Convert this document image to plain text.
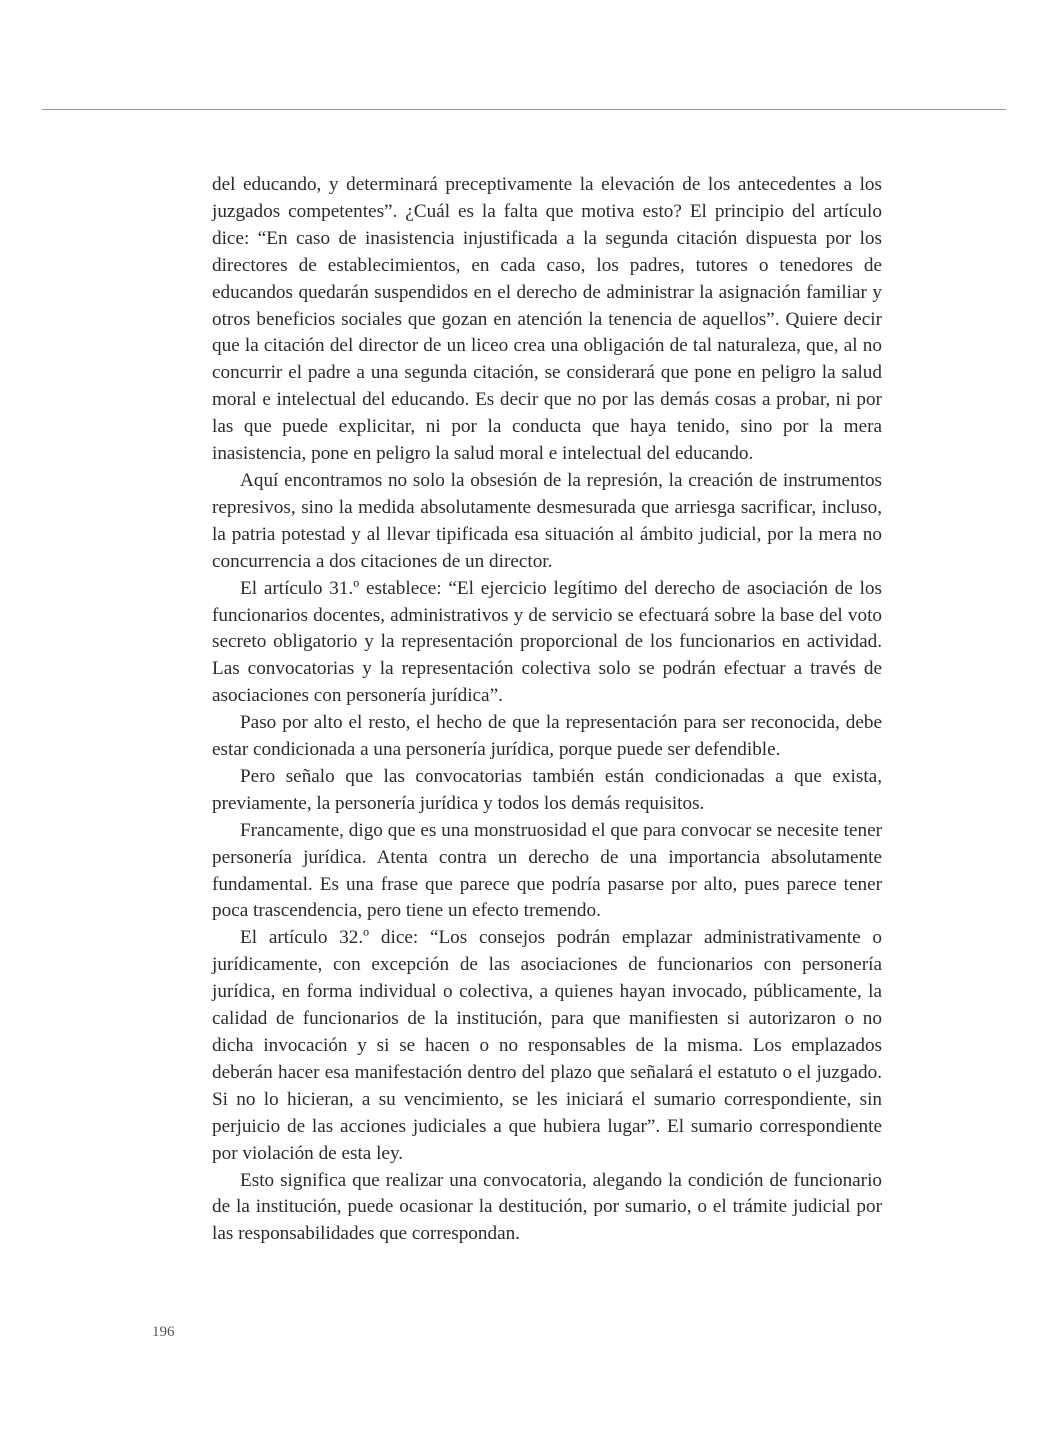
del educando, y determinará preceptivamente la elevación de los antecedentes a los juzgados competentes”. ¿Cuál es la falta que motiva esto? El principio del artículo dice: “En caso de inasistencia injustificada a la segunda citación dispuesta por los directores de establecimientos, en cada caso, los padres, tutores o tenedores de educandos quedarán suspendidos en el derecho de administrar la asignación familiar y otros beneficios sociales que gozan en atención la tenencia de aquellos”. Quiere decir que la citación del director de un liceo crea una obligación de tal naturaleza, que, al no concurrir el padre a una segunda citación, se considerará que pone en peligro la salud moral e intelectual del educando. Es decir que no por las demás cosas a probar, ni por las que puede explicitar, ni por la conducta que haya tenido, sino por la mera inasistencia, pone en peligro la salud moral e intelectual del educando.

Aquí encontramos no solo la obsesión de la represión, la creación de instrumentos represivos, sino la medida absolutamente desmesurada que arriesga sacrificar, incluso, la patria potestad y al llevar tipificada esa situación al ámbito judicial, por la mera no concurrencia a dos citaciones de un director.

El artículo 31.º establece: “El ejercicio legítimo del derecho de asociación de los funcionarios docentes, administrativos y de servicio se efectuará sobre la base del voto secreto obligatorio y la representación proporcional de los funcionarios en actividad. Las convocatorias y la representación colectiva solo se podrán efectuar a través de asociaciones con personería jurídica”.

Paso por alto el resto, el hecho de que la representación para ser reconocida, debe estar condicionada a una personería jurídica, porque puede ser defendible.

Pero señalo que las convocatorias también están condicionadas a que exista, previamente, la personería jurídica y todos los demás requisitos.

Francamente, digo que es una monstruosidad el que para convocar se necesite tener personería jurídica. Atenta contra un derecho de una importancia absolutamente fundamental. Es una frase que parece que podría pasarse por alto, pues parece tener poca trascendencia, pero tiene un efecto tremendo.

El artículo 32.º dice: “Los consejos podrán emplazar administrativamente o jurídicamente, con excepción de las asociaciones de funcionarios con personería jurídica, en forma individual o colectiva, a quienes hayan invocado, públicamente, la calidad de funcionarios de la institución, para que manifiesten si autorizaron o no dicha invocación y si se hacen o no responsables de la misma. Los emplazados deberán hacer esa manifestación dentro del plazo que señalará el estatuto o el juzgado. Si no lo hicieran, a su vencimiento, se les iniciará el sumario correspondiente, sin perjuicio de las acciones judiciales a que hubiera lugar”. El sumario correspondiente por violación de esta ley.

Esto significa que realizar una convocatoria, alegando la condición de funcionario de la institución, puede ocasionar la destitución, por sumario, o el trámite judicial por las responsabilidades que correspondan.

196
